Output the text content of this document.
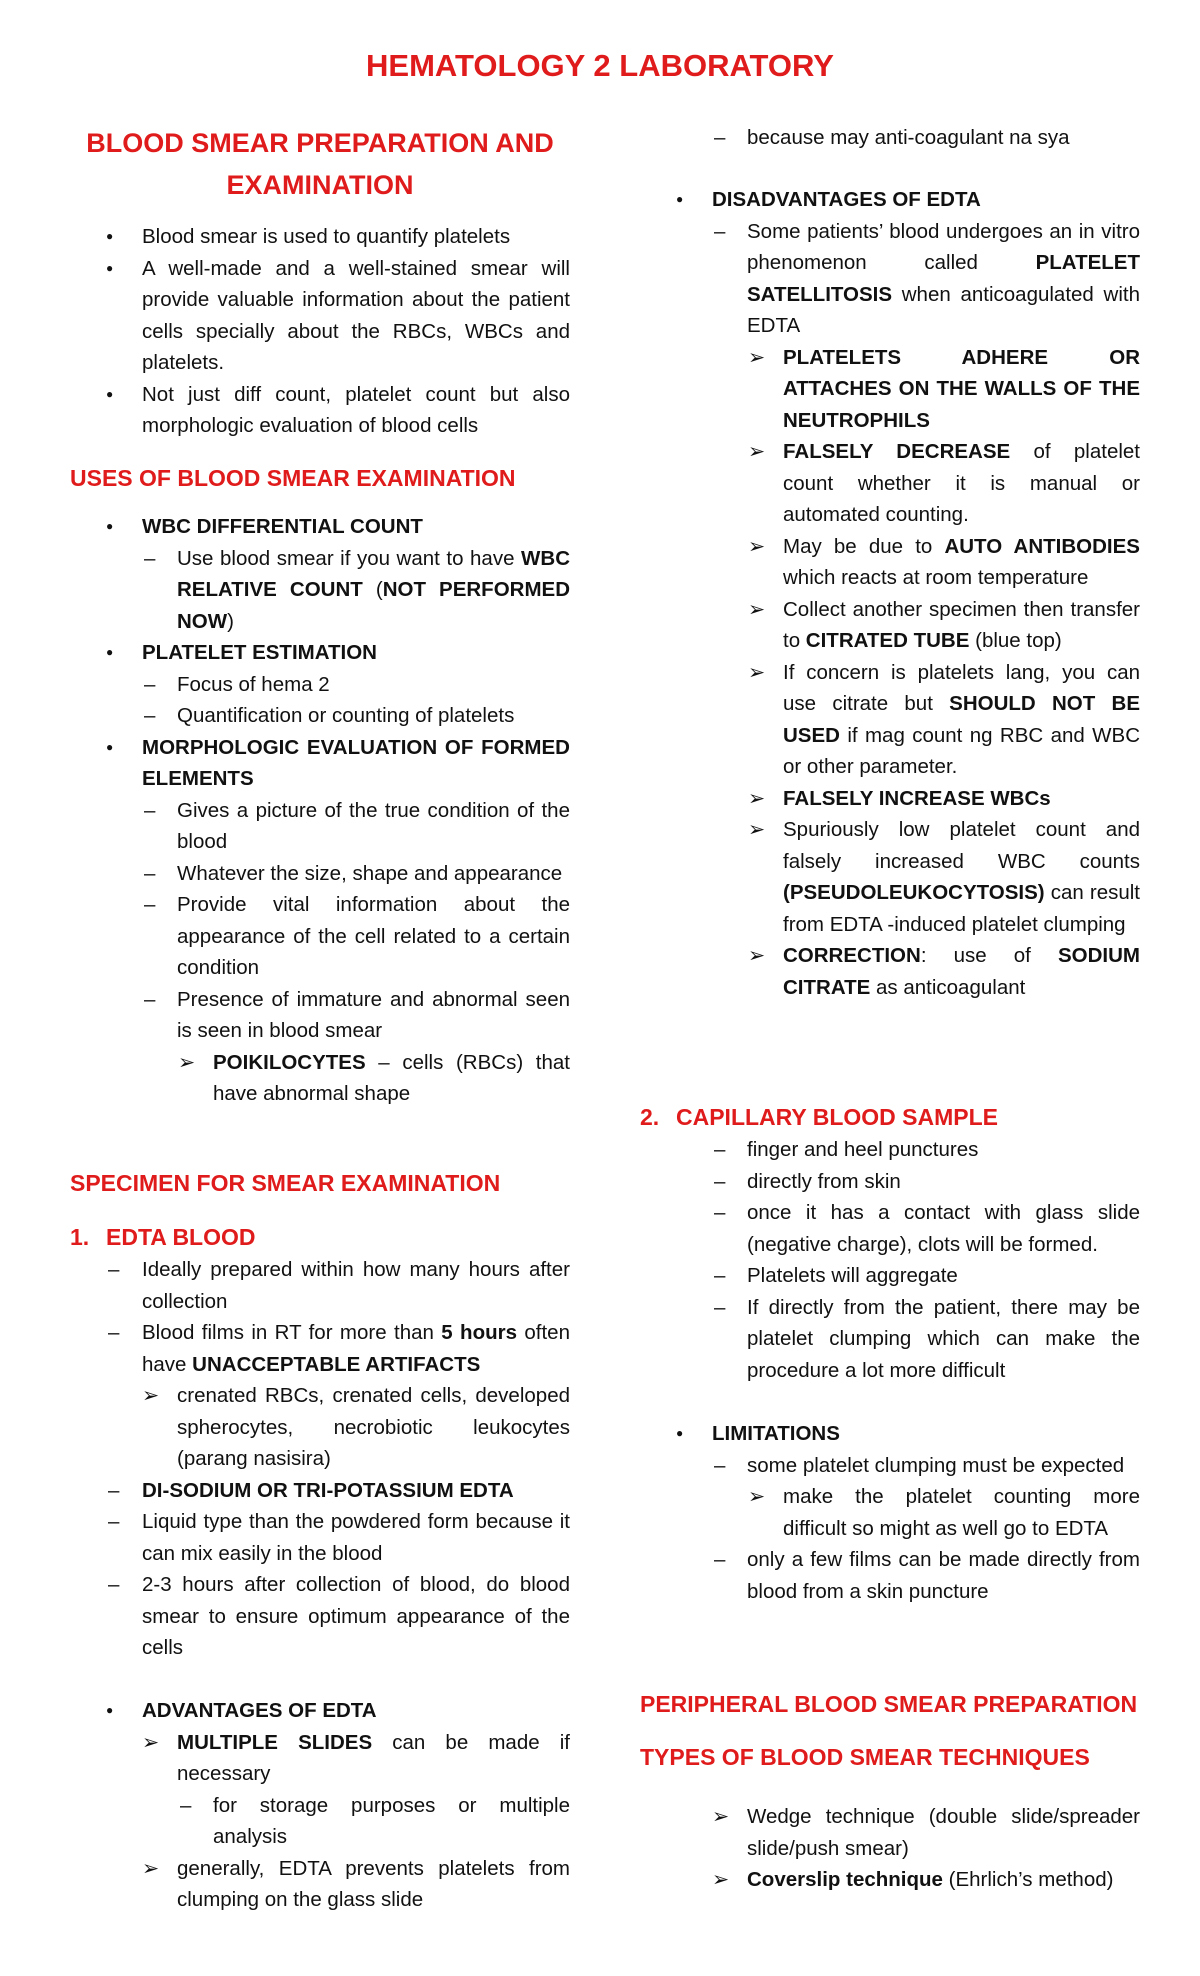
HEMATOLOGY 2 LABORATORY
BLOOD SMEAR PREPARATION AND
EXAMINATION
● Blood smear is used to quantify platelets
● A well-made and a well-stained smear will provide valuable information about the patient cells specially about the RBCs, WBCs and platelets.
● Not just diff count, platelet count but also morphologic evaluation of blood cells
USES OF BLOOD SMEAR EXAMINATION
● WBC DIFFERENTIAL COUNT
– Use blood smear if you want to have WBC RELATIVE COUNT (NOT PERFORMED NOW)
● PLATELET ESTIMATION
– Focus of hema 2
– Quantification or counting of platelets
● MORPHOLOGIC EVALUATION OF FORMED ELEMENTS
– Gives a picture of the true condition of the blood
– Whatever the size, shape and appearance
– Provide vital information about the appearance of the cell related to a certain condition
– Presence of immature and abnormal seen is seen in blood smear
➢ POIKILOCYTES – cells (RBCs) that have abnormal shape
SPECIMEN FOR SMEAR EXAMINATION
1. EDTA BLOOD
– Ideally prepared within how many hours after collection
– Blood films in RT for more than 5 hours often have UNACCEPTABLE ARTIFACTS
➢ crenated RBCs, crenated cells, developed spherocytes, necrobiotic leukocytes (parang nasisira)
– DI-SODIUM OR TRI-POTASSIUM EDTA
– Liquid type than the powdered form because it can mix easily in the blood
– 2-3 hours after collection of blood, do blood smear to ensure optimum appearance of the cells
● ADVANTAGES OF EDTA
➢ MULTIPLE SLIDES can be made if necessary
– for storage purposes or multiple analysis
➢ generally, EDTA prevents platelets from clumping on the glass slide
– because may anti-coagulant na sya
● DISADVANTAGES OF EDTA
– Some patients’ blood undergoes an in vitro phenomenon called PLATELET SATELLITOSIS when anticoagulated with EDTA
➢ PLATELETS ADHERE OR ATTACHES ON THE WALLS OF THE NEUTROPHILS
➢ FALSELY DECREASE of platelet count whether it is manual or automated counting.
➢ May be due to AUTO ANTIBODIES which reacts at room temperature
➢ Collect another specimen then transfer to CITRATED TUBE (blue top)
➢ If concern is platelets lang, you can use citrate but SHOULD NOT BE USED if mag count ng RBC and WBC or other parameter.
➢ FALSELY INCREASE WBCs
➢ Spuriously low platelet count and falsely increased WBC counts (PSEUDOLEUKOCYTOSIS) can result from EDTA -induced platelet clumping
➢ CORRECTION: use of SODIUM CITRATE as anticoagulant
2. CAPILLARY BLOOD SAMPLE
– finger and heel punctures
– directly from skin
– once it has a contact with glass slide (negative charge), clots will be formed.
– Platelets will aggregate
– If directly from the patient, there may be platelet clumping which can make the procedure a lot more difficult
● LIMITATIONS
– some platelet clumping must be expected
➢ make the platelet counting more difficult so might as well go to EDTA
– only a few films can be made directly from blood from a skin puncture
PERIPHERAL BLOOD SMEAR PREPARATION
TYPES OF BLOOD SMEAR TECHNIQUES
➢ Wedge technique (double slide/spreader slide/push smear)
➢ Coverslip technique (Ehrlich’s method)
